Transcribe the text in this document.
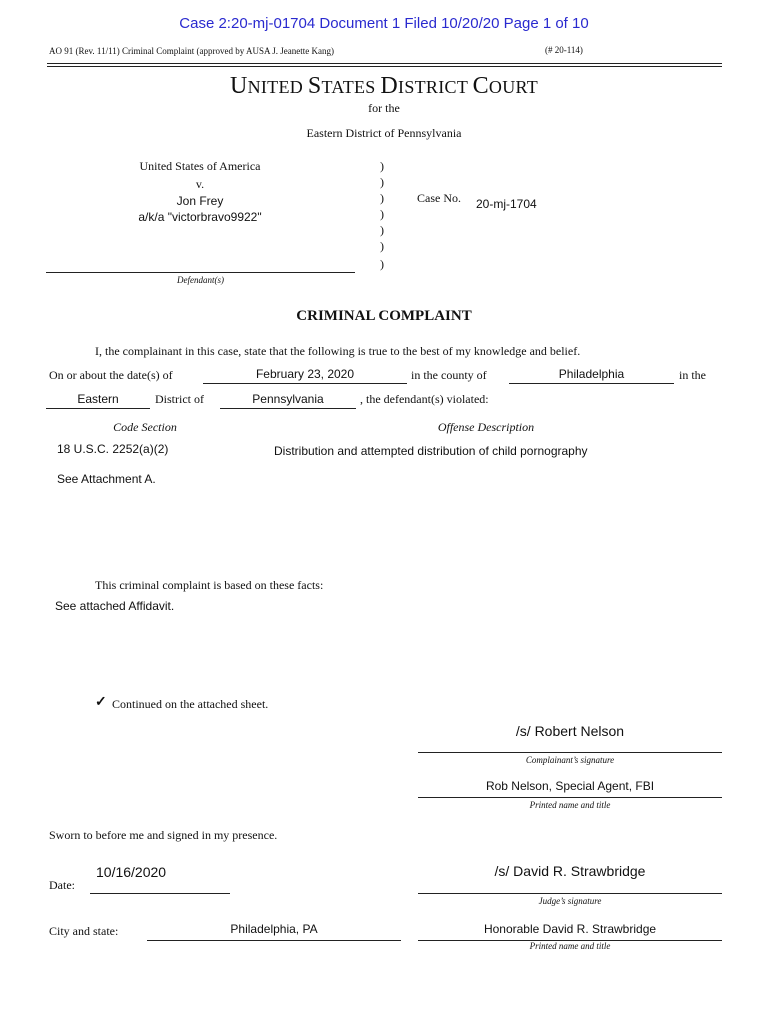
Case 2:20-mj-01704 Document 1 Filed 10/20/20 Page 1 of 10
AO 91 (Rev. 11/11) Criminal Complaint (approved by AUSA J. Jeanette Kang)	(# 20-114)
UNITED STATES DISTRICT COURT
for the
Eastern District of Pennsylvania
United States of America
v.
Jon Frey
a/k/a "victorbravo9922"
)
)
)
)
)
)
)
Case No. 20-mj-1704
Defendant(s)
CRIMINAL COMPLAINT
I, the complainant in this case, state that the following is true to the best of my knowledge and belief.
On or about the date(s) of	February 23, 2020	in the county of	Philadelphia	in the
Eastern	District of	Pennsylvania	, the defendant(s) violated:
Code Section	Offense Description
18 U.S.C. 2252(a)(2)	Distribution and attempted distribution of child pornography
See Attachment A.
This criminal complaint is based on these facts:
See attached Affidavit.
✓ Continued on the attached sheet.
/s/ Robert Nelson
Complainant’s signature
Rob Nelson, Special Agent, FBI
Printed name and title
Sworn to before me and signed in my presence.
Date:
10/16/2020	/s/ David R. Strawbridge
Judge’s signature
City and state:	Philadelphia, PA	Honorable David R. Strawbridge
Printed name and title
